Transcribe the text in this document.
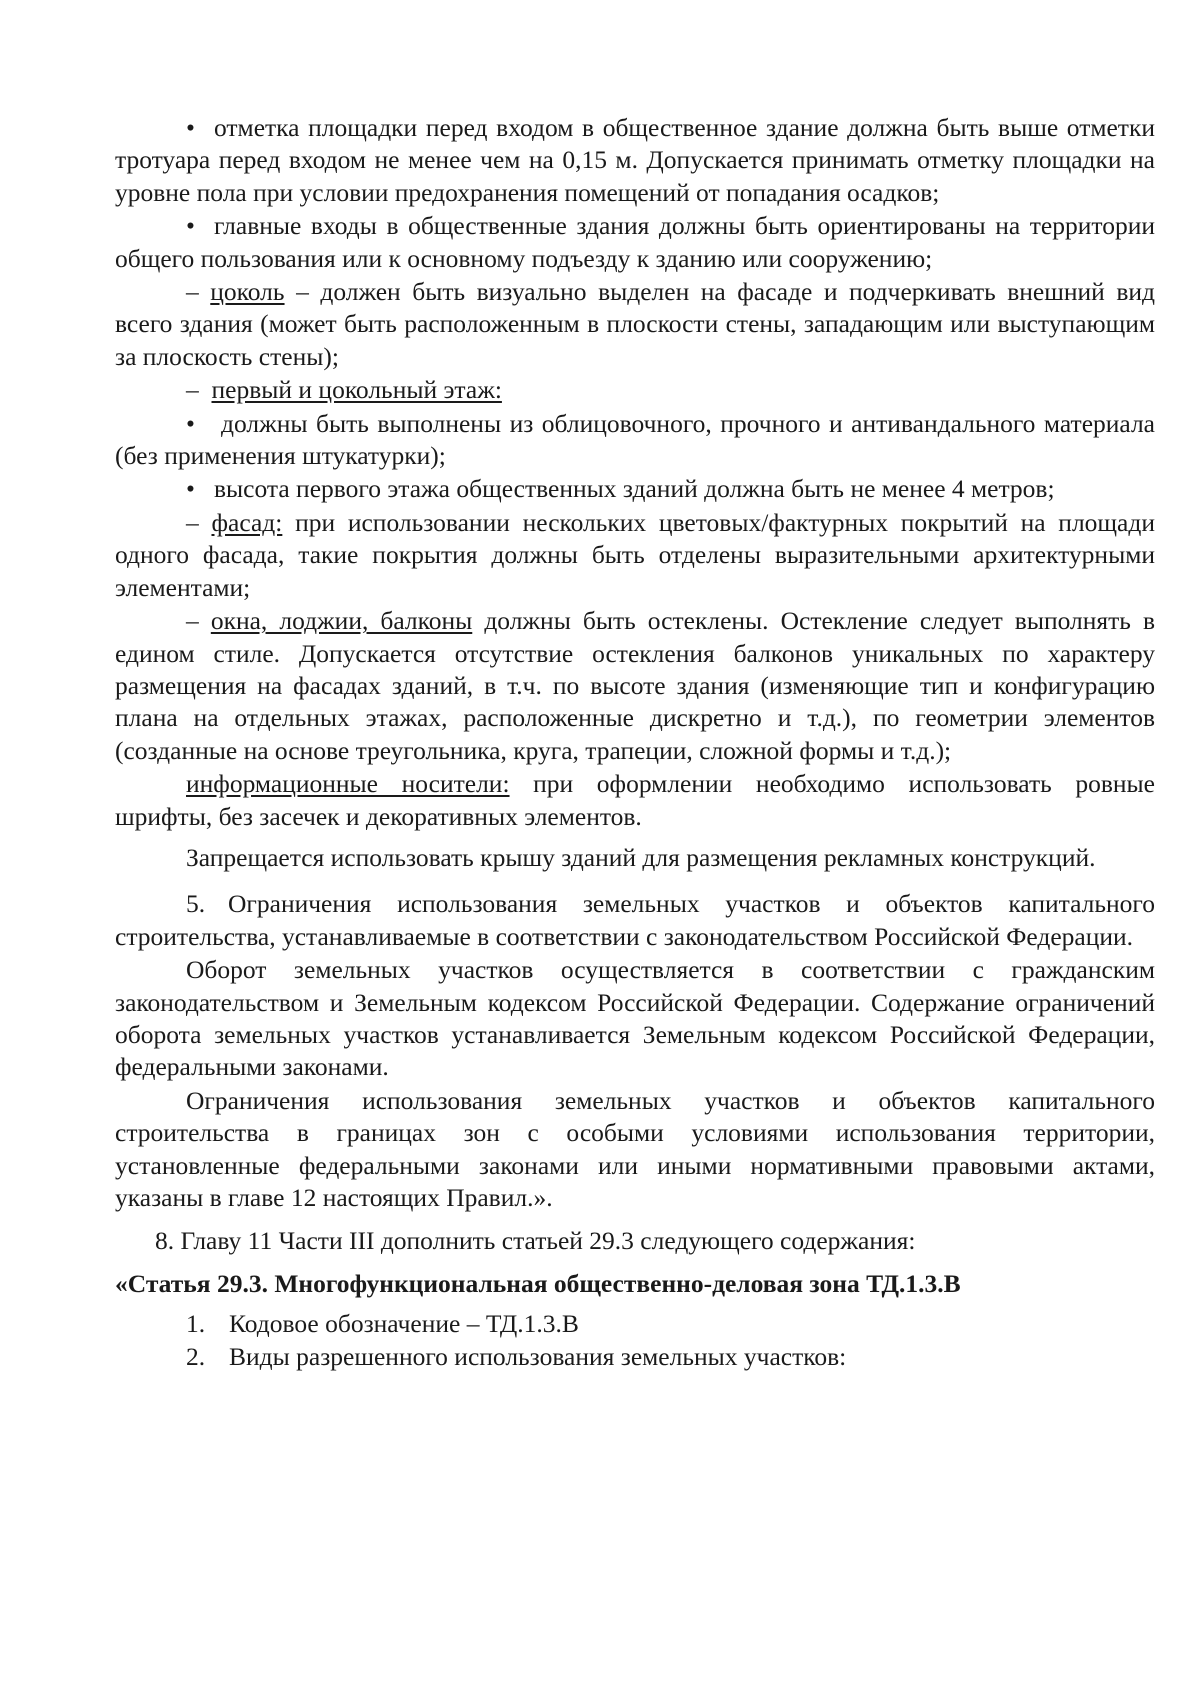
• отметка площадки перед входом в общественное здание должна быть выше отметки тротуара перед входом не менее чем на 0,15 м. Допускается принимать отметку площадки на уровне пола при условии предохранения помещений от попадания осадков;

• главные входы в общественные здания должны быть ориентированы на территории общего пользования или к основному подъезду к зданию или сооружению;

– цоколь – должен быть визуально выделен на фасаде и подчеркивать внешний вид всего здания (может быть расположенным в плоскости стены, западающим или выступающим за плоскость стены);

– первый и цокольный этаж:

• должны быть выполнены из облицовочного, прочного и антивандального материала (без применения штукатурки);

• высота первого этажа общественных зданий должна быть не менее 4 метров;

– фасад: при использовании нескольких цветовых/фактурных покрытий на площади одного фасада, такие покрытия должны быть отделены выразительными архитектурными элементами;

– окна, лоджии, балконы должны быть остеклены. Остекление следует выполнять в едином стиле. Допускается отсутствие остекления балконов уникальных по характеру размещения на фасадах зданий, в т.ч. по высоте здания (изменяющие тип и конфигурацию плана на отдельных этажах, расположенные дискретно и т.д.), по геометрии элементов (созданные на основе треугольника, круга, трапеции, сложной формы и т.д.);

информационные носители: при оформлении необходимо использовать ровные шрифты, без засечек и декоративных элементов.

Запрещается использовать крышу зданий для размещения рекламных конструкций.

5. Ограничения использования земельных участков и объектов капитального строительства, устанавливаемые в соответствии с законодательством Российской Федерации.

Оборот земельных участков осуществляется в соответствии с гражданским законодательством и Земельным кодексом Российской Федерации. Содержание ограничений оборота земельных участков устанавливается Земельным кодексом Российской Федерации, федеральными законами.

Ограничения использования земельных участков и объектов капитального строительства в границах зон с особыми условиями использования территории, установленные федеральными законами или иными нормативными правовыми актами, указаны в главе 12 настоящих Правил.».

8. Главу 11 Части III дополнить статьей 29.3 следующего содержания:

«Статья 29.3. Многофункциональная общественно-деловая зона ТД.1.3.В
1. Кодовое обозначение – ТД.1.3.В
2. Виды разрешенного использования земельных участков:
